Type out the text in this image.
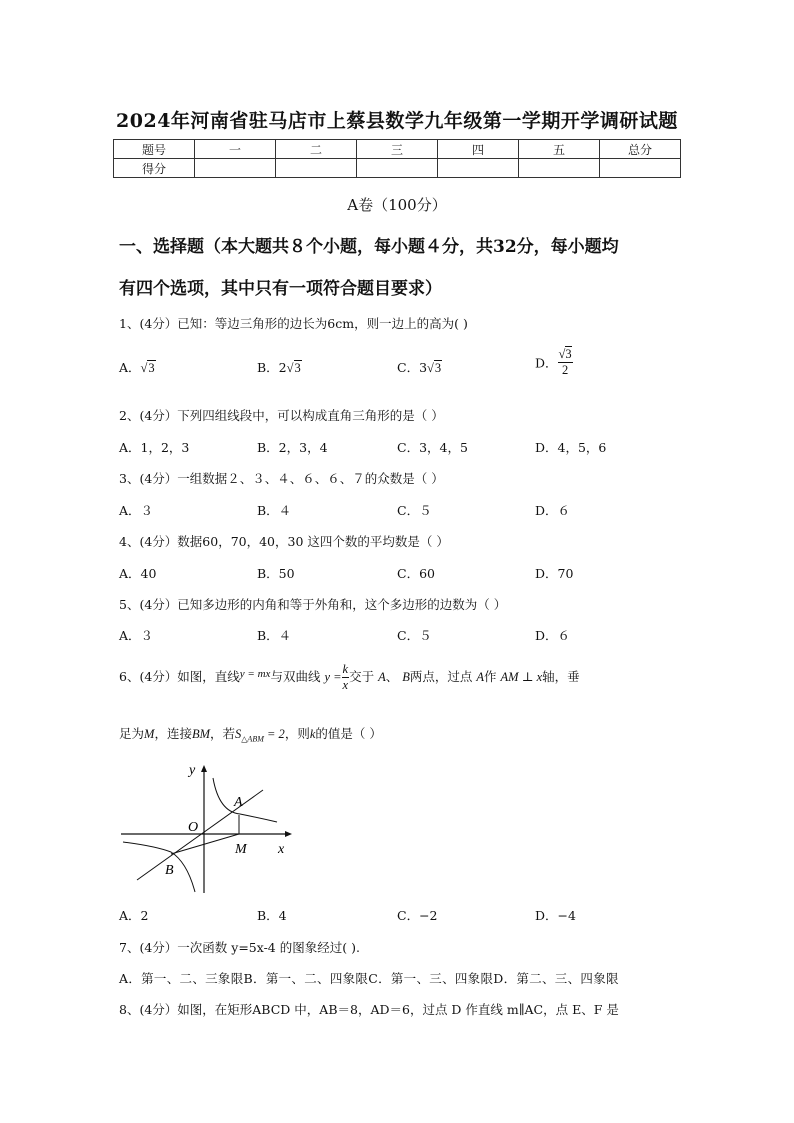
2024年河南省驻马店市上蔡县数学九年级第一学期开学调研试题
题号	一	二	三	四	五	总分
得分						
A卷（100分）
一、选择题（本大题共８个小题，每小题４分，共32分，每小题均
有四个选项，其中只有一项符合题目要求）
1、(4分）已知：等边三角形的边长为6cm，则一边上的高为( )
A．√3	B．2√3	C．3√3	D． $\frac{√3}{2}$
2、(4分）下列四组线段中，可以构成直角三角形的是（ ）
A．1，2，3	B．2，3，4	C．3，4，5	D．4，5，6
3、(4分）一组数据２、３、４、６、６、７的众数是（ ）
A．３	B．４	C．５	D．６
4、(4分）数据60，70，40，30 这四个数的平均数是（ ）
A．40	B．50	C．60	D．70
5、(4分）已知多边形的内角和等于外角和，这个多边形的边数为（ ）
A．３	B．４	C．５	D．６
6、(4分）如图，直线y = mx与双曲线 $y = \frac{k}{x}$ 交于 A、 B两点，过点 A作 AM ⊥ x轴，垂
足为M，连接BM，若$S_{\triangle ABM} = 2$，则k的值是（ ）
y
x
O
A
B
M
A．2	B．4	C．−2	D．−4
7、(4分）一次函数 y=5x-4 的图象经过( ).
A．第一、二、三象限B．第一、二、四象限C．第一、三、四象限D．第二、三、四象限
8、(4分）如图，在矩形ABCD 中，AB＝8，AD＝6，过点 D 作直线 m∥AC，点 E、F 是
